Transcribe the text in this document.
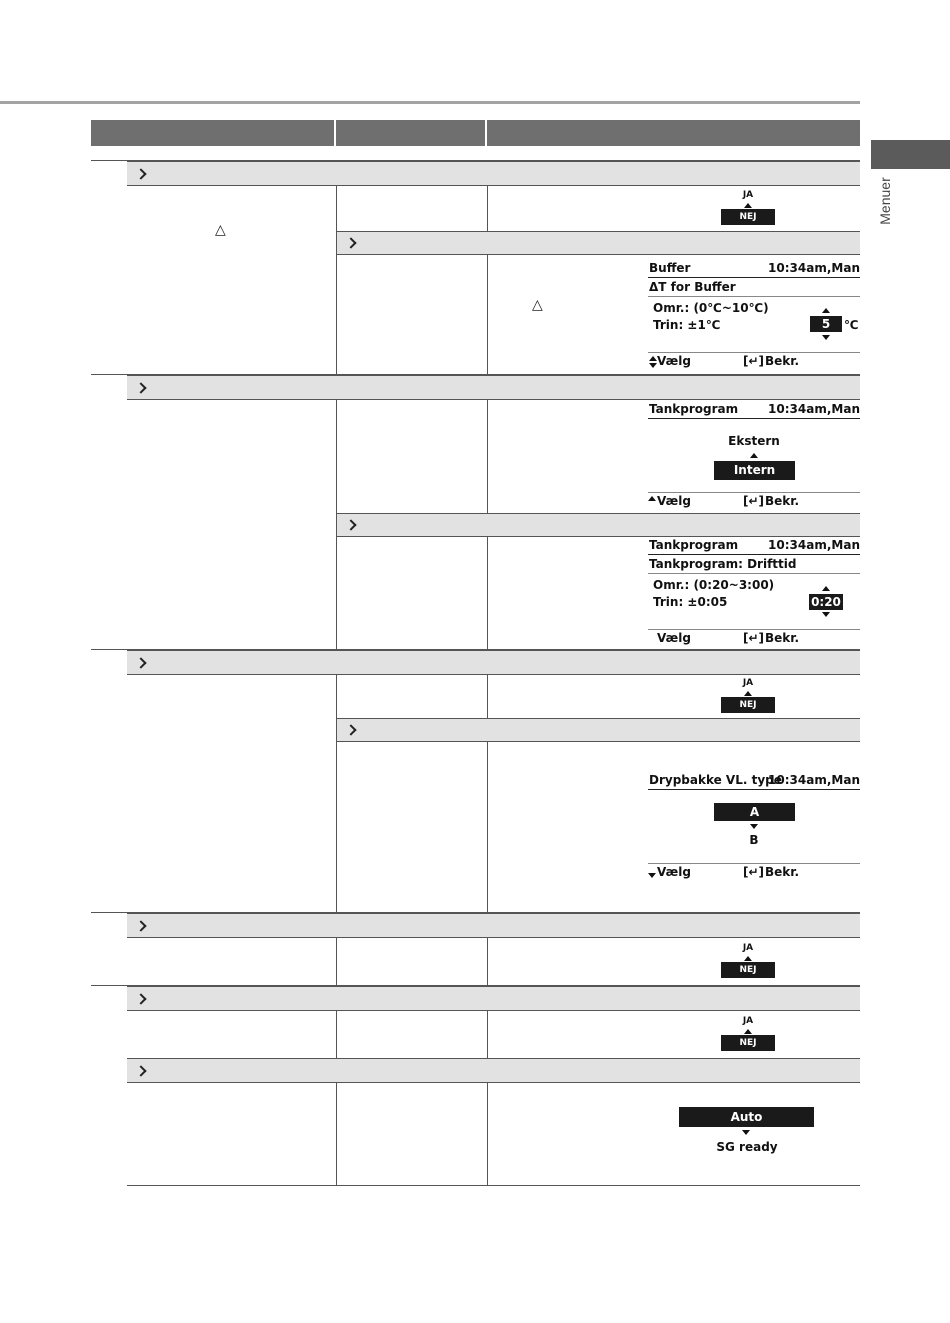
Menuer
△
△
JA
NEJ
JA
NEJ
JA
NEJ
JA
NEJ
Buffer	10:34am,Man
ΔT for Buffer
Omr.: (0℃~10℃)
Trin: ±1℃	5	℃
Vælg	[↵] Bekr.
Tankprogram 10:34am,Man
Ekstern
Intern
Vælg	[↵] Bekr.
Tankprogram 10:34am,Man
Tankprogram: Drifttid
Omr.: (0:20~3:00)
Trin: ±0:05	0:20
Vælg	[↵] Bekr.
Drypbakke VL. type
10:34am,Man
A
B
Vælg	[↵] Bekr.
Auto
SG ready
